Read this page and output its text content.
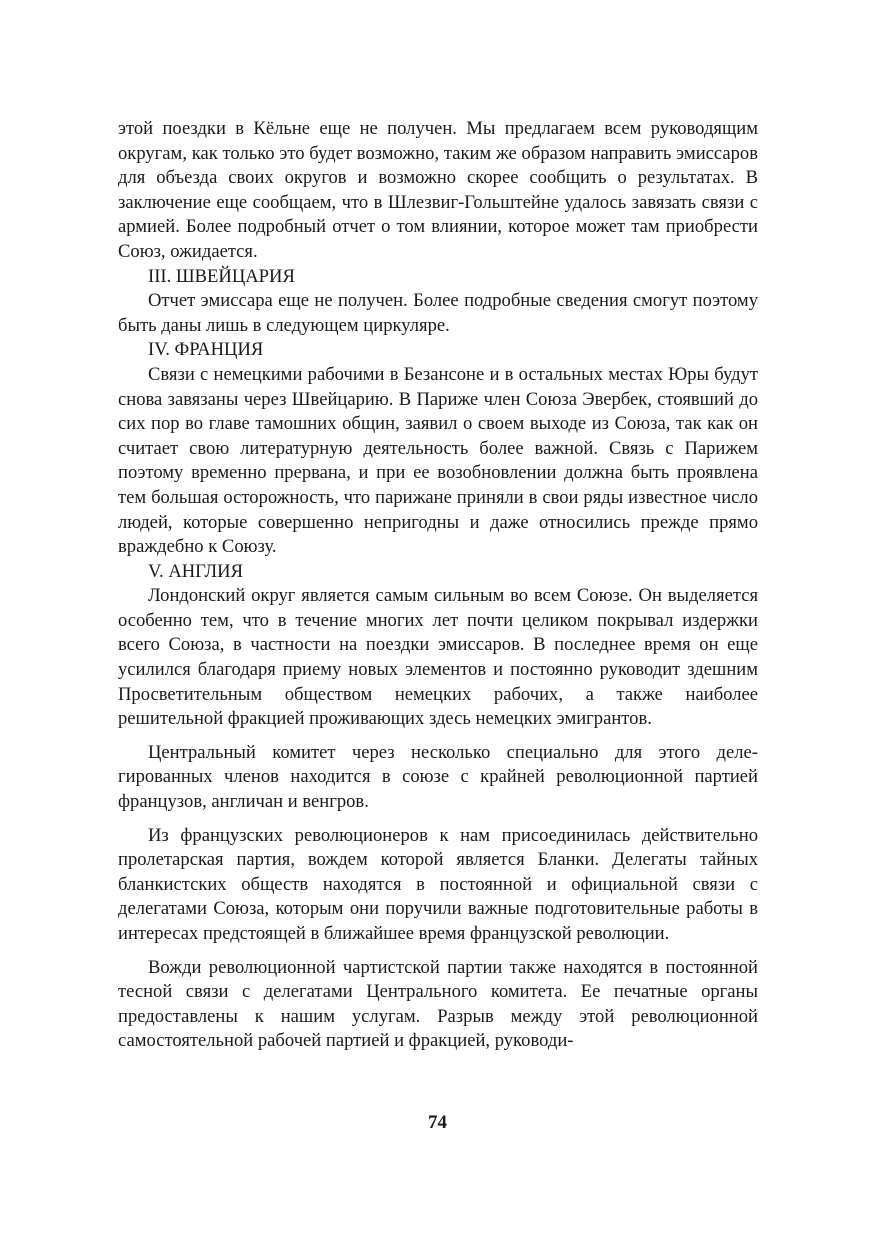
этой поездки в Кёльне еще не получен. Мы предлагаем всем руководящим округам, как только это будет возможно, таким же образом направить эмиссаров для объезда своих округов и возможно скорее сообщить о результатах. В заключение еще сообщаем, что в Шлезвиг-Гольштейне удалось завязать связи с армией. Более подробный отчет о том влиянии, которое может там приобрести Союз, ожидается.

III. ШВЕЙЦАРИЯ

Отчет эмиссара еще не получен. Более подробные сведения смогут поэтому быть даны лишь в следующем циркуляре.

IV. ФРАНЦИЯ

Связи с немецкими рабочими в Безансоне и в остальных местах Юры будут снова завязаны через Швейцарию. В Париже член Союза Эвербек, стоявший до сих пор во главе тамошних общин, заявил о своем выходе из Союза, так как он считает свою литературную деятельность более важной. Связь с Парижем поэтому временно прервана, и при ее возобновлении должна быть проявлена тем большая осторожность, что парижане приняли в свои ряды известное число людей, которые совершенно непригодны и даже относились прежде прямо враждебно к Союзу.

V. АНГЛИЯ

Лондонский округ является самым сильным во всем Союзе. Он выделяется особенно тем, что в течение многих лет почти целиком покрывал издержки всего Союза, в частности на поездки эмиссаров. В последнее время он еще усилился благодаря приему новых элементов и постоянно руководит здешним Просветительным обществом немецких рабочих, а также наиболее решительной фракцией проживающих здесь немецких эмигрантов.

Центральный комитет через несколько специально для этого делегированных членов находится в союзе с крайней революционной партией французов, англичан и венгров.

Из французских революционеров к нам присоединилась действительно пролетарская партия, вождем которой является Бланки. Делегаты тайных бланкистских обществ находятся в постоянной и официальной связи с делегатами Союза, которым они поручили важные подготовительные работы в интересах предстоящей в ближайшее время французской революции.

Вожди революционной чартистской партии также находятся в постоянной тесной связи с делегатами Центрального комитета. Ее печатные органы предоставлены к нашим услугам. Разрыв между этой революционной самостоятельной рабочей партией и фракцией, руководи-

74
